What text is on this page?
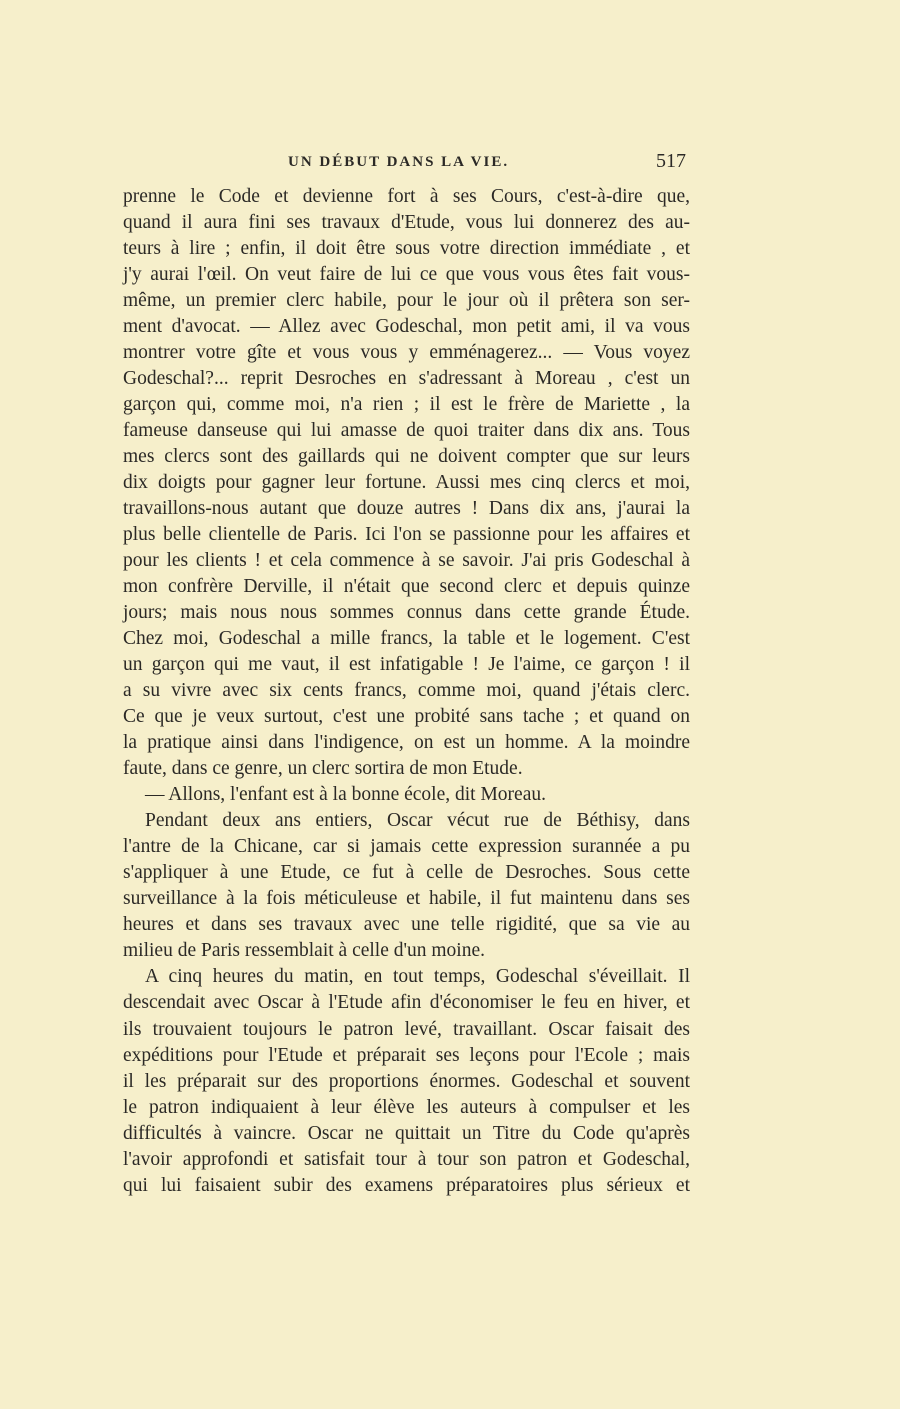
UN DÉBUT DANS LA VIE.	517
prenne le Code et devienne fort à ses Cours, c'est-à-dire que,
quand il aura fini ses travaux d'Etude, vous lui donnerez des au-
teurs à lire ; enfin, il doit être sous votre direction immédiate , et
j'y aurai l'œil. On veut faire de lui ce que vous vous êtes fait vous-
même, un premier clerc habile, pour le jour où il prêtera son ser-
ment d'avocat. — Allez avec Godeschal, mon petit ami, il va vous
montrer votre gîte et vous vous y emménagerez... — Vous voyez
Godeschal?... reprit Desroches en s'adressant à Moreau , c'est un
garçon qui, comme moi, n'a rien ; il est le frère de Mariette , la
fameuse danseuse qui lui amasse de quoi traiter dans dix ans. Tous
mes clercs sont des gaillards qui ne doivent compter que sur leurs
dix doigts pour gagner leur fortune. Aussi mes cinq clercs et moi,
travaillons-nous autant que douze autres ! Dans dix ans, j'aurai la
plus belle clientelle de Paris. Ici l'on se passionne pour les affaires et
pour les clients ! et cela commence à se savoir. J'ai pris Godeschal à
mon confrère Derville, il n'était que second clerc et depuis quinze
jours; mais nous nous sommes connus dans cette grande Étude.
Chez moi, Godeschal a mille francs, la table et le logement. C'est
un garçon qui me vaut, il est infatigable ! Je l'aime, ce garçon ! il
a su vivre avec six cents francs, comme moi, quand j'étais clerc.
Ce que je veux surtout, c'est une probité sans tache ; et quand on
la pratique ainsi dans l'indigence, on est un homme. A la moindre
faute, dans ce genre, un clerc sortira de mon Etude.
— Allons, l'enfant est à la bonne école, dit Moreau.
Pendant deux ans entiers, Oscar vécut rue de Béthisy, dans
l'antre de la Chicane, car si jamais cette expression surannée a pu
s'appliquer à une Etude, ce fut à celle de Desroches. Sous cette
surveillance à la fois méticuleuse et habile, il fut maintenu dans ses
heures et dans ses travaux avec une telle rigidité, que sa vie au
milieu de Paris ressemblait à celle d'un moine.
A cinq heures du matin, en tout temps, Godeschal s'éveillait. Il
descendait avec Oscar à l'Etude afin d'économiser le feu en hiver, et
ils trouvaient toujours le patron levé, travaillant. Oscar faisait des
expéditions pour l'Etude et préparait ses leçons pour l'Ecole ; mais
il les préparait sur des proportions énormes. Godeschal et souvent
le patron indiquaient à leur élève les auteurs à compulser et les
difficultés à vaincre. Oscar ne quittait un Titre du Code qu'après
l'avoir approfondi et satisfait tour à tour son patron et Godeschal,
qui lui faisaient subir des examens préparatoires plus sérieux et
